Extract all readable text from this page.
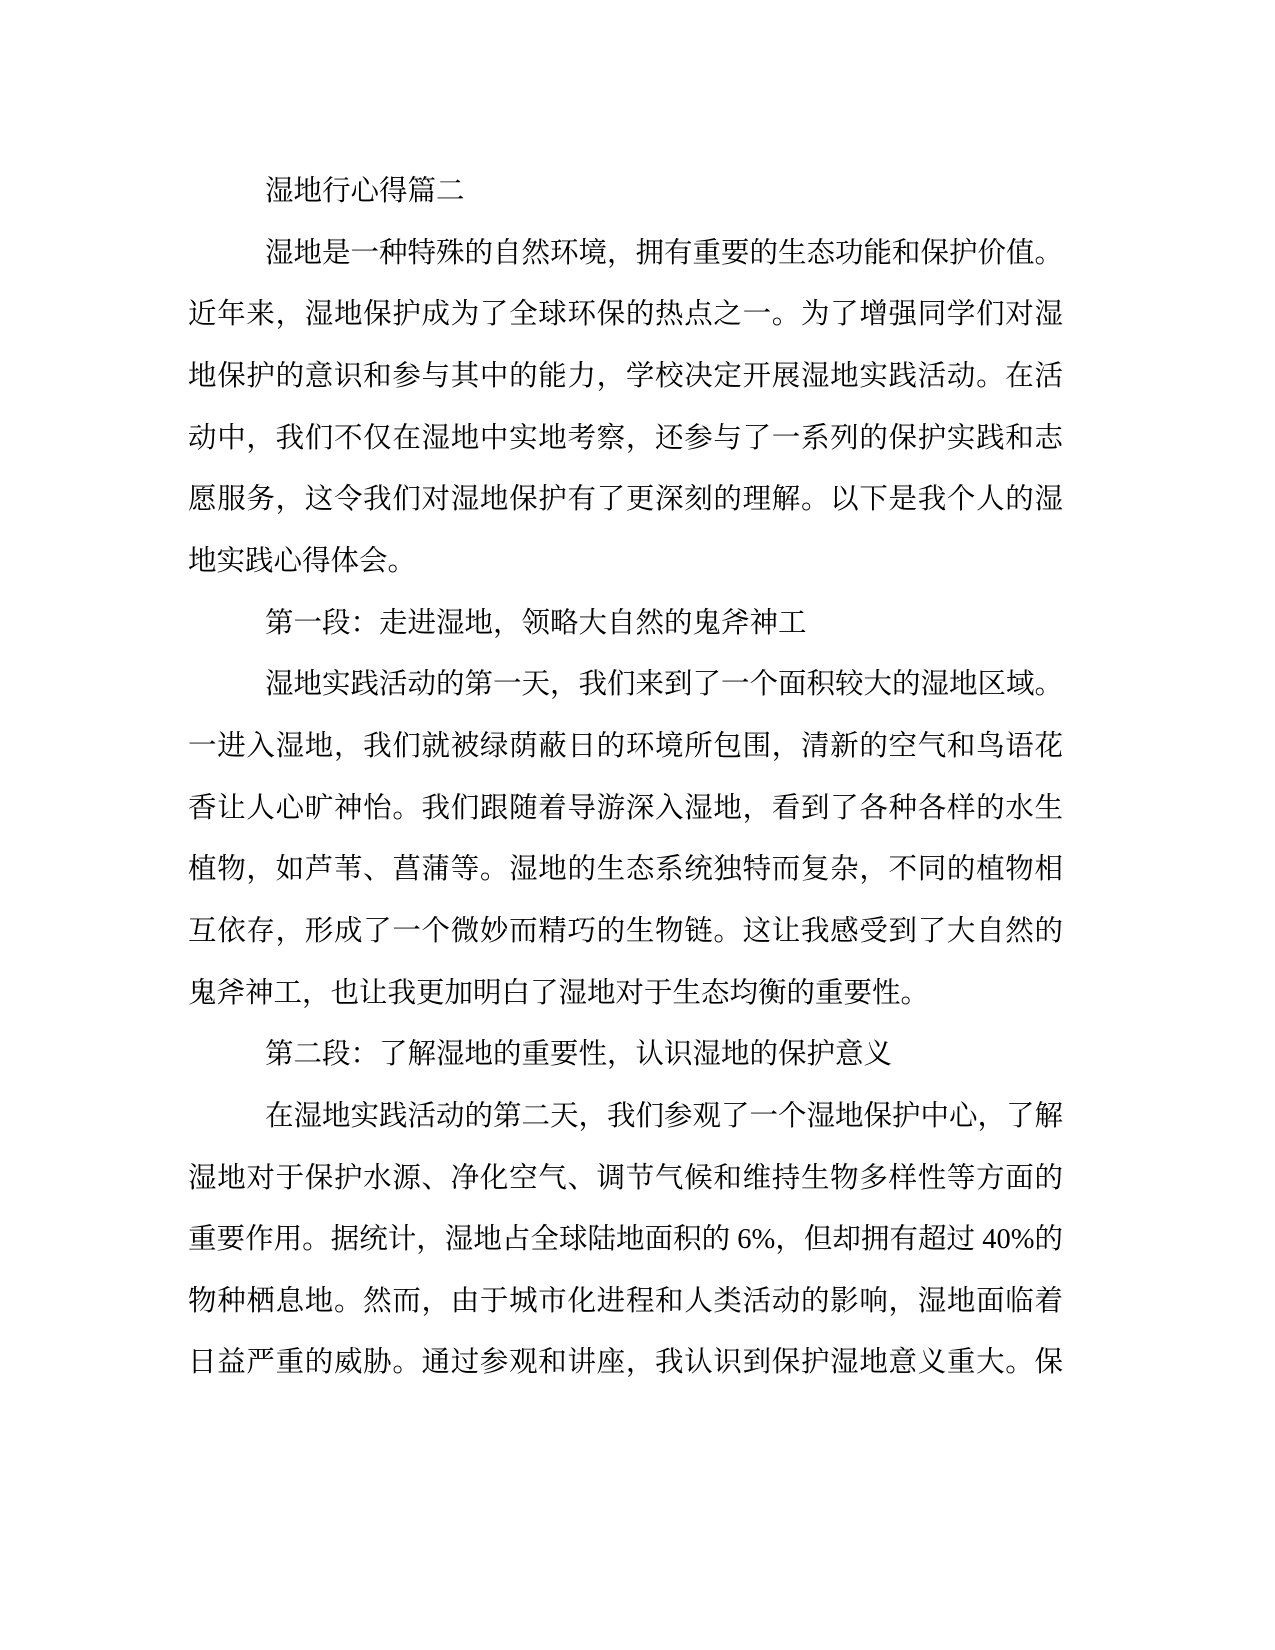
湿地行心得篇二
湿地是一种特殊的自然环境，拥有重要的生态功能和保护价值。
近年来，湿地保护成为了全球环保的热点之一。为了增强同学们对湿
地保护的意识和参与其中的能力，学校决定开展湿地实践活动。在活
动中，我们不仅在湿地中实地考察，还参与了一系列的保护实践和志
愿服务，这令我们对湿地保护有了更深刻的理解。以下是我个人的湿
地实践心得体会。
第一段：走进湿地，领略大自然的鬼斧神工
湿地实践活动的第一天，我们来到了一个面积较大的湿地区域。
一进入湿地，我们就被绿荫蔽日的环境所包围，清新的空气和鸟语花
香让人心旷神怡。我们跟随着导游深入湿地，看到了各种各样的水生
植物，如芦苇、菖蒲等。湿地的生态系统独特而复杂，不同的植物相
互依存，形成了一个微妙而精巧的生物链。这让我感受到了大自然的
鬼斧神工，也让我更加明白了湿地对于生态均衡的重要性。
第二段：了解湿地的重要性，认识湿地的保护意义
在湿地实践活动的第二天，我们参观了一个湿地保护中心，了解
湿地对于保护水源、净化空气、调节气候和维持生物多样性等方面的
重要作用。据统计，湿地占全球陆地面积的 6%，但却拥有超过 40%的
物种栖息地。然而，由于城市化进程和人类活动的影响，湿地面临着
日益严重的威胁。通过参观和讲座，我认识到保护湿地意义重大。保
